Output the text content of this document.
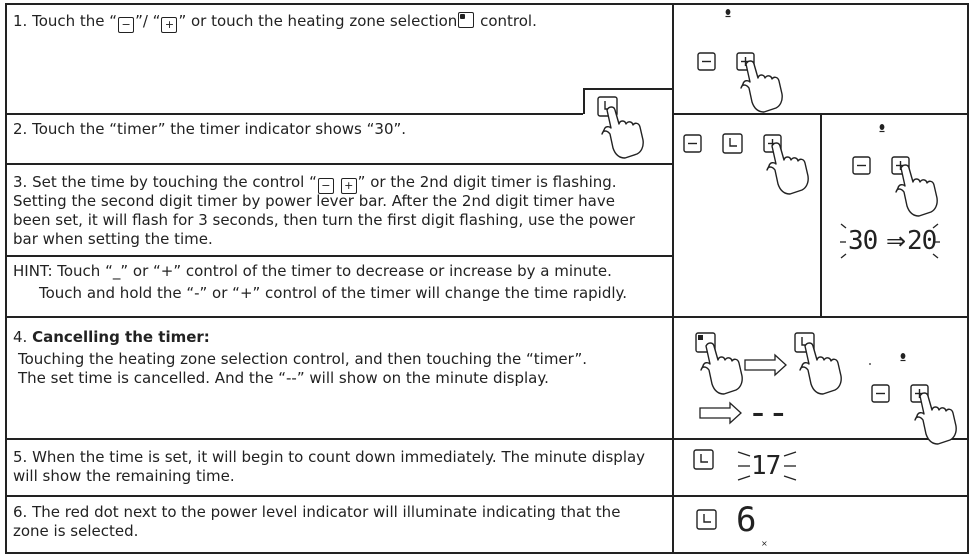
1. Touch the “ − ”/ “ + ” or touch the heating zone selection control.
2. Touch the “timer” the timer indicator shows “30”.
3. Set the time by touching the control “ − + ” or the 2nd digit timer is flashing.
Setting the second digit timer by power lever bar. After the 2nd digit timer have
been set, it will flash for 3 seconds, then turn the first digit flashing, use the power
bar when setting the time.
HINT: Touch “_” or “+” control of the timer to decrease or increase by a minute.
Touch and hold the “-” or “+” control of the timer will change the time rapidly.
4. Cancelling the timer:
Touching the heating zone selection control, and then touching the “timer”.
The set time is cancelled. And the “--” will show on the minute display.
5. When the time is set, it will begin to count down immediately. The minute display
will show the remaining time.
6. The red dot next to the power level indicator will illuminate indicating that the
zone is selected.
×
30 ⇒ 20
– –
17
6
